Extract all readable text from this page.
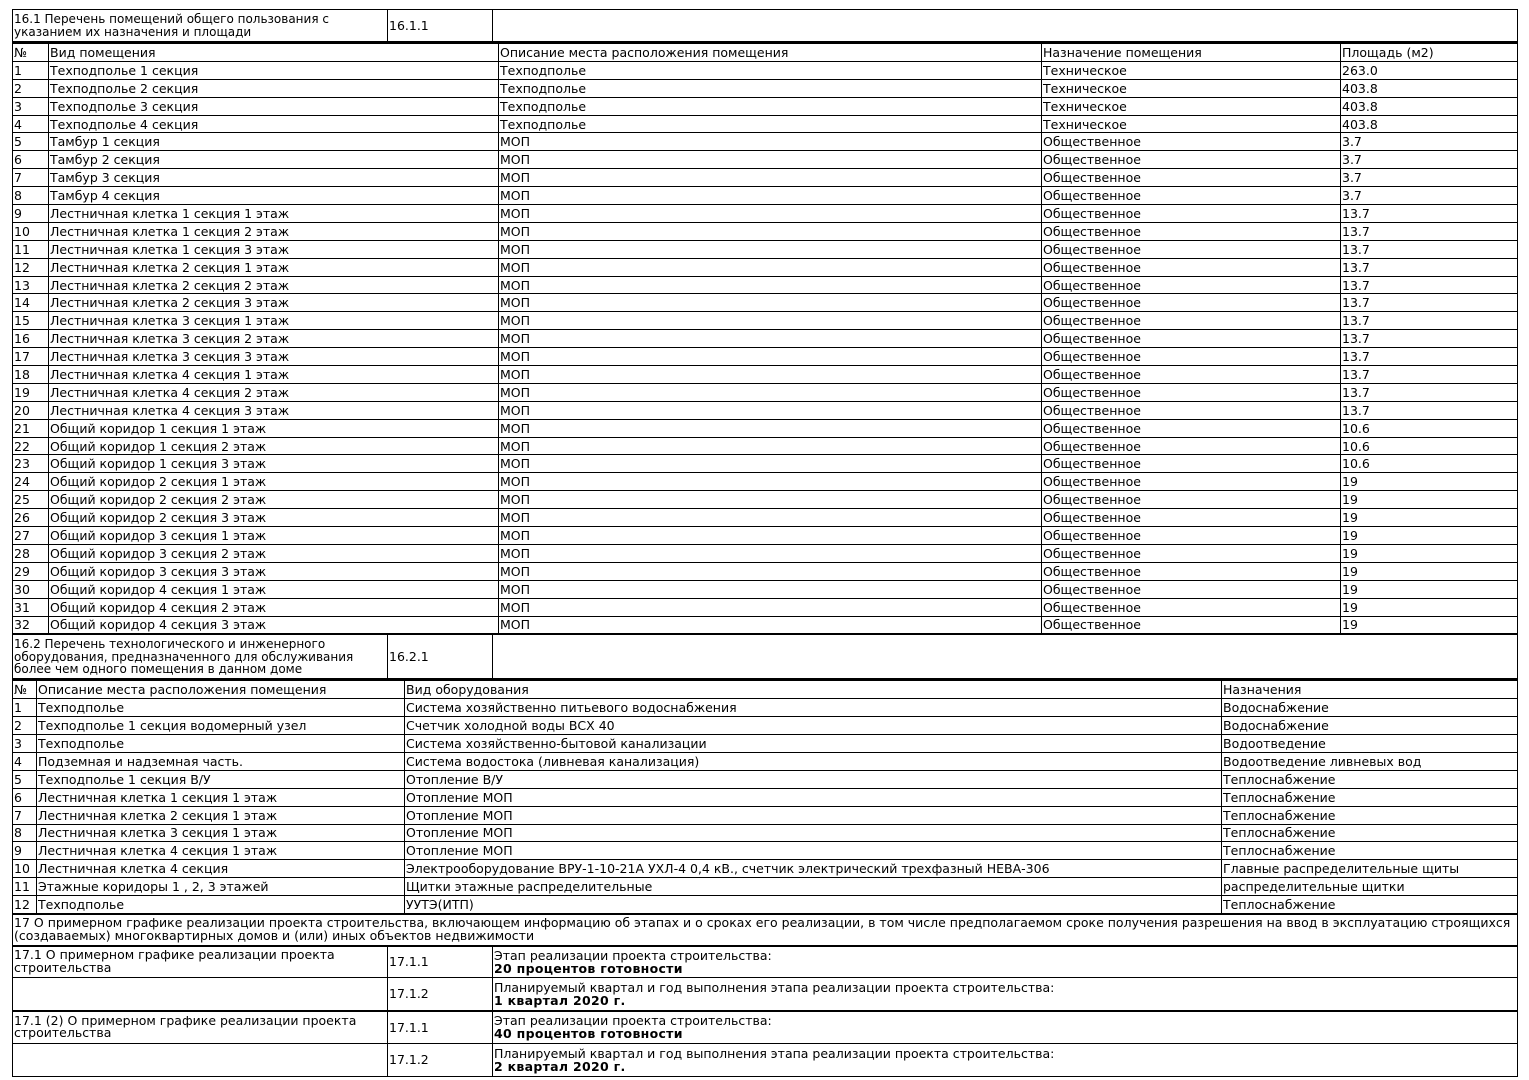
16.1 Перечень помещений общего пользования с указанием их назначения и площади	16.1.1	
№	Вид помещения	Описание места расположения помещения	Назначение помещения	Площадь (м2)
1	Техподполье 1 секция	Техподполье	Техническое	263.0
2	Техподполье 2 секция	Техподполье	Техническое	403.8
3	Техподполье 3 секция	Техподполье	Техническое	403.8
4	Техподполье 4 секция	Техподполье	Техническое	403.8
5	Тамбур 1 секция	МОП	Общественное	3.7
6	Тамбур 2 секция	МОП	Общественное	3.7
7	Тамбур 3 секция	МОП	Общественное	3.7
8	Тамбур 4 секция	МОП	Общественное	3.7
9	Лестничная клетка 1 секция 1 этаж	МОП	Общественное	13.7
10	Лестничная клетка 1 секция 2 этаж	МОП	Общественное	13.7
11	Лестничная клетка 1 секция 3 этаж	МОП	Общественное	13.7
12	Лестничная клетка 2 секция 1 этаж	МОП	Общественное	13.7
13	Лестничная клетка 2 секция 2 этаж	МОП	Общественное	13.7
14	Лестничная клетка 2 секция 3 этаж	МОП	Общественное	13.7
15	Лестничная клетка 3 секция 1 этаж	МОП	Общественное	13.7
16	Лестничная клетка 3 секция 2 этаж	МОП	Общественное	13.7
17	Лестничная клетка 3 секция 3 этаж	МОП	Общественное	13.7
18	Лестничная клетка 4 секция 1 этаж	МОП	Общественное	13.7
19	Лестничная клетка 4 секция 2 этаж	МОП	Общественное	13.7
20	Лестничная клетка 4 секция 3 этаж	МОП	Общественное	13.7
21	Общий коридор 1 секция 1 этаж	МОП	Общественное	10.6
22	Общий коридор 1 секция 2 этаж	МОП	Общественное	10.6
23	Общий коридор 1 секция 3 этаж	МОП	Общественное	10.6
24	Общий коридор 2 секция 1 этаж	МОП	Общественное	19
25	Общий коридор 2 секция 2 этаж	МОП	Общественное	19
26	Общий коридор 2 секция 3 этаж	МОП	Общественное	19
27	Общий коридор 3 секция 1 этаж	МОП	Общественное	19
28	Общий коридор 3 секция 2 этаж	МОП	Общественное	19
29	Общий коридор 3 секция 3 этаж	МОП	Общественное	19
30	Общий коридор 4 секция 1 этаж	МОП	Общественное	19
31	Общий коридор 4 секция 2 этаж	МОП	Общественное	19
32	Общий коридор 4 секция 3 этаж	МОП	Общественное	19
16.2 Перечень технологического и инженерного оборудования, предназначенного для обслуживания более чем одного помещения в данном доме	16.2.1	
№	Описание места расположения помещения	Вид оборудования	Назначения
1	Техподполье	Система хозяйственно питьевого водоснабжения	Водоснабжение
2	Техподполье 1 секция водомерный узел	Счетчик холодной воды ВСХ 40	Водоснабжение
3	Техподполье	Система хозяйственно-бытовой канализации	Водоотведение
4	Подземная и надземная часть.	Система водостока (ливневая канализация)	Водоотведение ливневых вод
5	Техподполье 1 секция В/У	Отопление В/У	Теплоснабжение
6	Лестничная клетка 1 секция 1 этаж	Отопление МОП	Теплоснабжение
7	Лестничная клетка 2 секция 1 этаж	Отопление МОП	Теплоснабжение
8	Лестничная клетка 3 секция 1 этаж	Отопление МОП	Теплоснабжение
9	Лестничная клетка 4 секция 1 этаж	Отопление МОП	Теплоснабжение
10	Лестничная клетка 4 секция	Электрооборудование ВРУ-1-10-21А УХЛ-4 0,4 кВ., счетчик электрический трехфазный НЕВА-306	Главные распределительные щиты
11	Этажные коридоры 1 , 2, 3 этажей	Щитки этажные распределительные	распределительные щитки
12	Техподполье	УУТЭ(ИТП)	Теплоснабжение
17 О примерном графике реализации проекта строительства, включающем информацию об этапах и о сроках его реализации, в том числе предполагаемом сроке получения разрешения на ввод в эксплуатацию строящихся (создаваемых) многоквартирных домов и (или) иных объектов недвижимости		
17.1 О примерном графике реализации проекта строительства	17.1.1	Этап реализации проекта строительства:
20 процентов готовности

	17.1.2	Планируемый квартал и год выполнения этапа реализации проекта строительства:
1 квартал 2020 г.

17.1 (2) О примерном графике реализации проекта строительства	17.1.1	Этап реализации проекта строительства:
40 процентов готовности

	17.1.2	Планируемый квартал и год выполнения этапа реализации проекта строительства:
2 квартал 2020 г.
